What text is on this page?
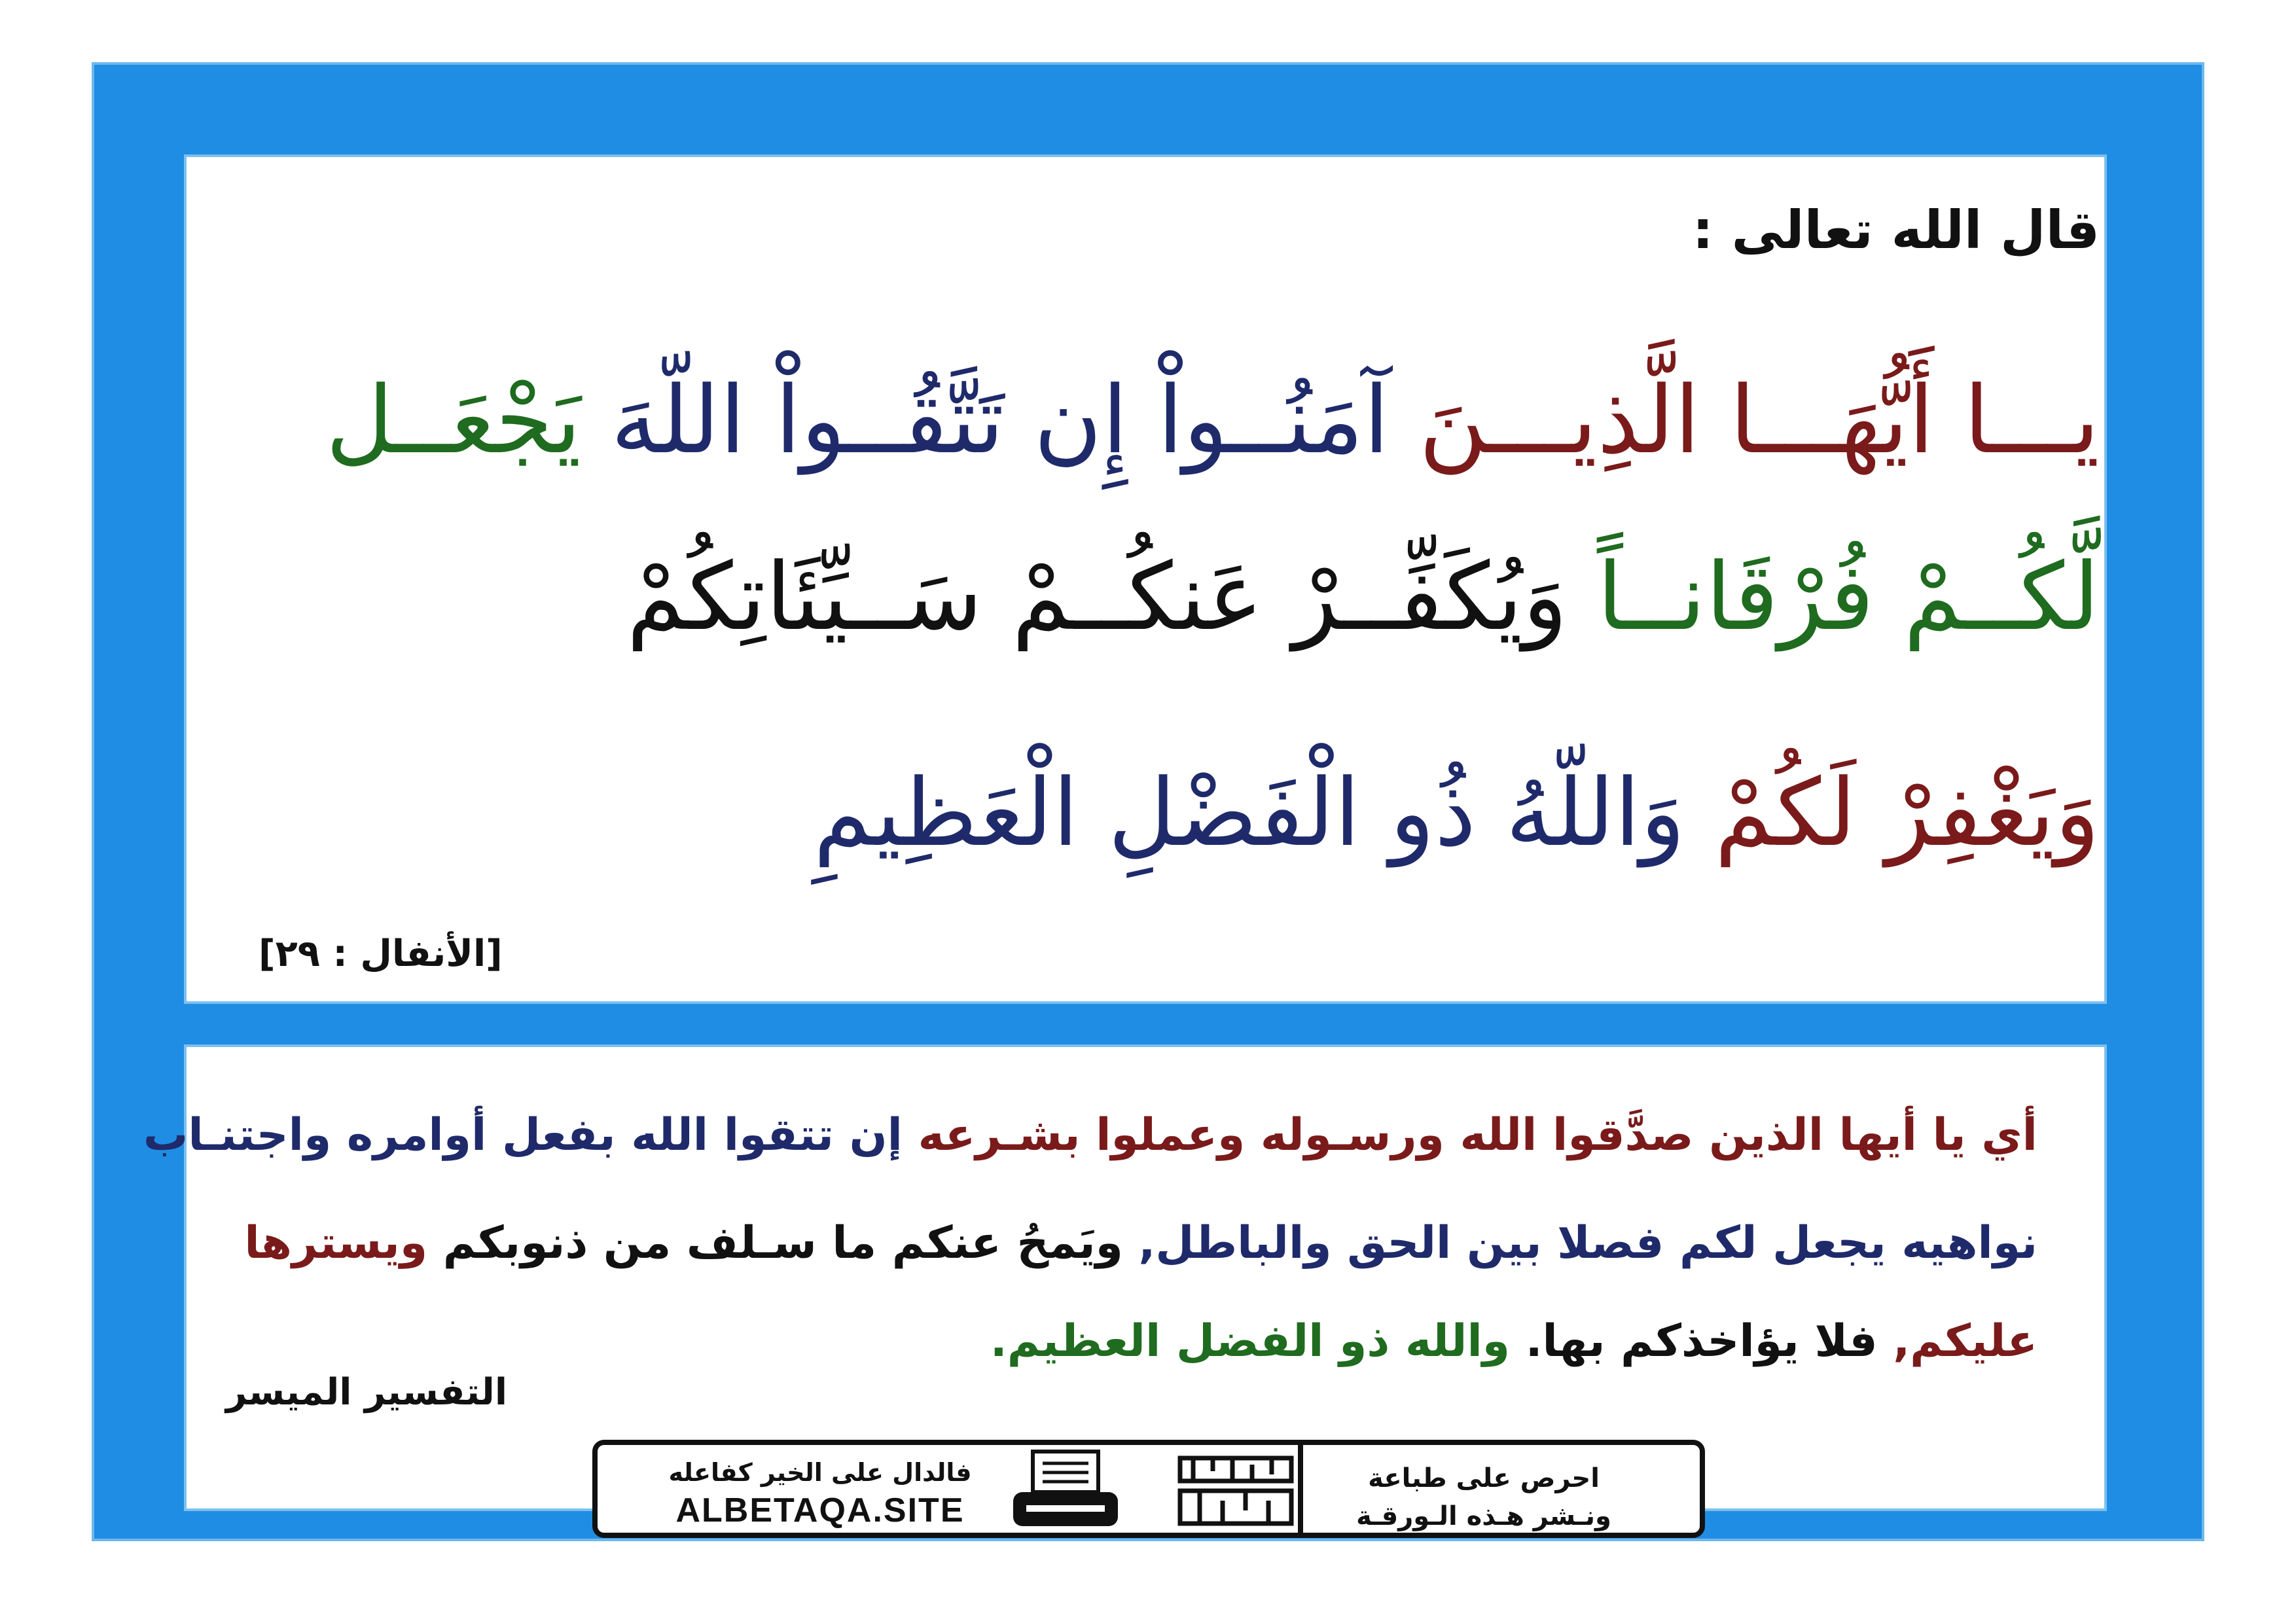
قال الله تعالى :
يـــا أَيُّهَـــا الَّذِيـــنَ آمَنُــواْ إِن تَتَّقُــواْ اللّهَ يَجْعَــل
لَّكُــمْ فُرْقَانــاً وَيُكَفِّــرْ عَنكُــمْ سَــيِّئَاتِكُمْ
وَيَغْفِرْ لَكُمْ وَاللّهُ ذُو الْفَضْلِ الْعَظِيمِ
[الأنفال : ٢٩]
أي يا أيها الذين صدَّقوا الله ورسـوله وعملوا بشـرعه إن تتقوا الله بفعل أوامره واجتنـاب
نواهيه يجعل لكم فصلا بين الحق والباطل, ويَمحُ عنكم ما سـلف من ذنوبكم ويسترها
عليكم, فلا يؤاخذكم بها. والله ذو الفضل العظيم.
التفسير الميسر
فالدال على الخير كفاعله
ALBETAQA.SITE
الدعوة الورقة	احرص على طباعة
ونـشر هـذه الـورقـة
